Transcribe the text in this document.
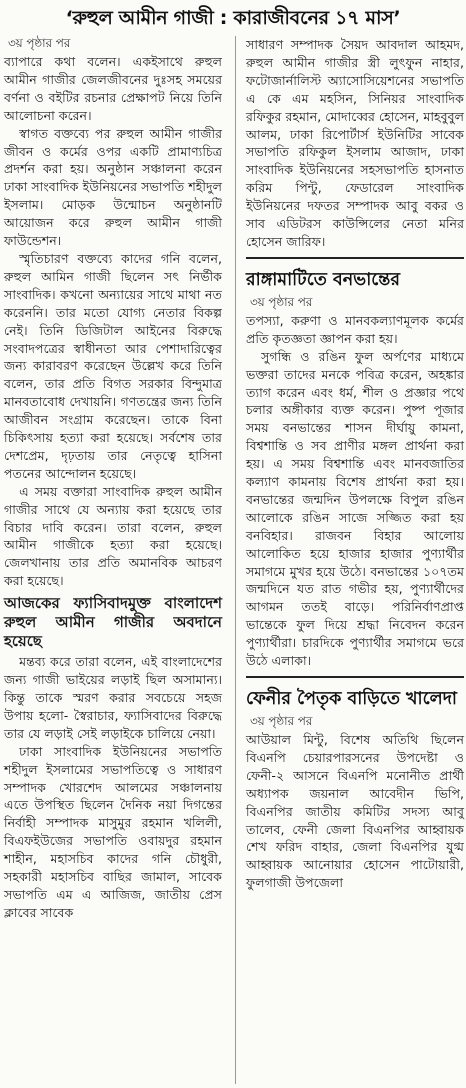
‘রুহুল আমীন গাজী : কারাজীবনের ১৭ মাস’
৩য় পৃষ্ঠার পর

ব্যাপারে কথা বলেন। একইসাথে রুহুল আমীন গাজীর জেলজীবনের দুঃসহ সময়ের বর্ণনা ও বইটির রচনার প্রেক্ষাপট নিয়ে তিনি আলোচনা করেন।

স্বাগত বক্তব্যে পর রুহুল আমীন গাজীর জীবন ও কর্মের ওপর একটি প্রামাণ্যচিত্র প্রদর্শন করা হয়। অনুষ্ঠান সঞ্চালনা করেন ঢাকা সাংবাদিক ইউনিয়নের সভাপতি শহীদুল ইসলাম। মোড়ক উন্মোচন অনুষ্ঠানটি আয়োজন করে রুহুল আমীন গাজী ফাউন্ডেশন।

স্মৃতিচারণ বক্তব্যে কাদের গনি বলেন, রুহুল আমিন গাজী ছিলেন সৎ নির্ভীক সাংবাদিক। কখনো অন্যায়ের সাথে মাথা নত করেননি। তার মতো যোগ্য নেতার বিকল্প নেই। তিনি ডিজিটাল আইনের বিরুদ্ধে সংবাদপত্রের স্বাধীনতা আর পেশাদারিত্বের জন্য কারাবরণ করেছেন উল্লেখ করে তিনি বলেন, তার প্রতি বিগত সরকার বিন্দুমাত্র মানবতাবোধ দেখায়নি। গণতন্ত্রের জন্য তিনি আজীবন সংগ্রাম করেছেন। তাকে বিনা চিকিৎসায় হত্যা করা হয়েছে। সর্বশেষ তার দেশপ্রেম, দৃঢ়তায় তার নেতৃত্বে হাসিনা পতনের আন্দোলন হয়েছে।

এ সময় বক্তারা সাংবাদিক রুহুল আমীন গাজীর সাথে যে অন্যায় করা হয়েছে তার বিচার দাবি করেন। তারা বলেন, রুহুল আমীন গাজীকে হত্যা করা হয়েছে। জেলখানায় তার প্রতি অমানবিক আচরণ করা হয়েছে।

আজকের ফ্যাসিবাদমুক্ত বাংলাদেশ রুহুল আমীন গাজীর অবদানে হয়েছে

মন্তব্য করে তারা বলেন, এই বাংলাদেশের জন্য গাজী ভাইয়ের লড়াই ছিল অসামান্য। কিন্তু তাকে স্মরণ করার সবচেয়ে সহজ উপায় হলো- স্বৈরাচার, ফ্যাসিবাদের বিরুদ্ধে তার যে লড়াই সেই লড়াইকে চালিয়ে নেয়া।

ঢাকা সাংবাদিক ইউনিয়নের সভাপতি শহীদুল ইসলামের সভাপতিত্বে ও সাধারণ সম্পাদক খোরশেদ আলমের সঞ্চালনায় এতে উপস্থিত ছিলেন দৈনিক নয়া দিগন্তের নির্বাহী সম্পাদক মাসুমুর রহমান খলিলী, বিএফইউজের সভাপতি ওবায়দুর রহমান শাহীন, মহাসচিব কাদের গনি চৌধুরী, সহকারী মহাসচিব বাছির জামাল, সাবেক সভাপতি এম এ আজিজ, জাতীয় প্রেস ক্লাবের সাবেক

সাধারণ সম্পাদক সৈয়দ আবদাল আহমদ, রুহুল আমীন গাজীর স্ত্রী লুৎফুন নাহার, ফটোজার্নালিস্ট অ্যাসোসিয়েশনের সভাপতি এ কে এম মহসিন, সিনিয়র সাংবাদিক রফিকুর রহমান, মোদাব্বের হোসেন, মাহবুবুল আলম, ঢাকা রিপোর্টার্স ইউনিটির সাবেক সভাপতি রফিকুল ইসলাম আজাদ, ঢাকা সাংবাদিক ইউনিয়নের সহসভাপতি হাসনাত করিম পিন্টু, ফেডারেল সাংবাদিক ইউনিয়নের দফতর সম্পাদক আবু বকর ও সাব এডিটরস কাউন্সিলের নেতা মনির হোসেন জারিফ।

রাঙ্গামাটিতে বনভান্তের
৩য় পৃষ্ঠার পর

তপস্যা, করুণা ও মানবকল্যাণমূলক কর্মের প্রতি কৃতজ্ঞতা জ্ঞাপন করা হয়।

সুগন্ধি ও রঙিন ফুল অর্পণের মাধ্যমে ভক্তরা তাদের মনকে পবিত্র করেন, অহঙ্কার ত্যাগ করেন এবং ধর্ম, শীল ও প্রজ্ঞার পথে চলার অঙ্গীকার ব্যক্ত করেন। পুষ্প পূজার সময় বনভান্তের শাসন দীর্ঘায়ু কামনা, বিশ্বশান্তি ও সব প্রাণীর মঙ্গল প্রার্থনা করা হয়। এ সময় বিশ্বশান্তি এবং মানবজাতির কল্যাণ কামনায় বিশেষ প্রার্থনা করা হয়। বনভান্তের জন্মদিন উপলক্ষে বিপুল রঙিন আলোকে রঙিন সাজে সজ্জিত করা হয় বনবিহার। রাজবন বিহার আলোয় আলোকিত হয়ে হাজার হাজার পুণ্যার্থীর সমাগমে মুখর হয়ে উঠে। বনভান্তের ১০৭তম জন্মদিনে যত রাত গভীর হয়, পুণ্যার্থীদের আগমন ততই বাড়ে। পরিনির্বাণপ্রাপ্ত ভান্তেকে ফুল দিয়ে শ্রদ্ধা নিবেদন করেন পুণ্যার্থীরা। চারদিকে পুণ্যার্থীর সমাগমে ভরে উঠে এলাকা।

ফেনীর পৈতৃক বাড়িতে খালেদা
৩য় পৃষ্ঠার পর

আউয়াল মিন্টু, বিশেষ অতিথি ছিলেন বিএনপি চেয়ারপারসনের উপদেষ্টা ও ফেনী-২ আসনে বিএনপি মনোনীত প্রার্থী অধ্যাপক জয়নাল আবেদীন ভিপি, বিএনপির জাতীয় কমিটির সদস্য আবু তালেব, ফেনী জেলা বিএনপির আহ্বায়ক শেখ ফরিদ বাহার, জেলা বিএনপির যুগ্ম আহ্বায়ক আনোয়ার হোসেন পাটোয়ারী, ফুলগাজী উপজেলা
